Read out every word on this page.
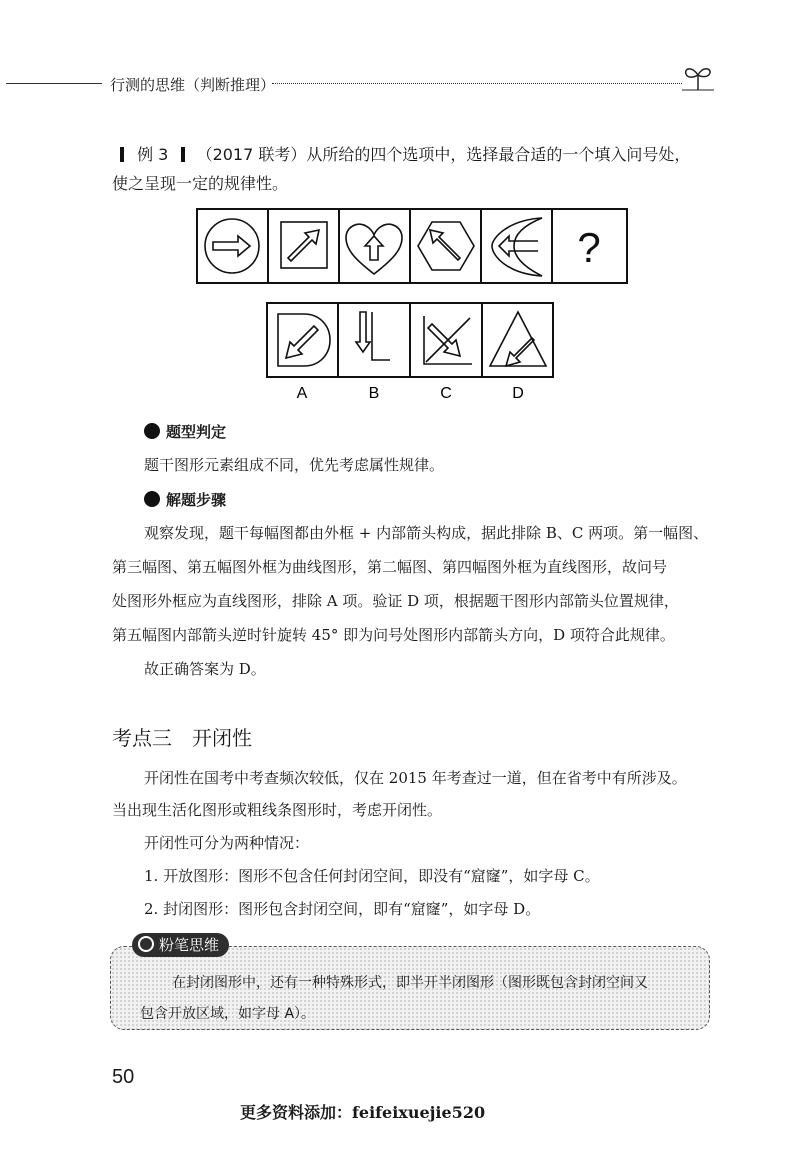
行测的思维（判断推理）
例 3 （2017 联考）从所给的四个选项中，选择最合适的一个填入问号处，
使之呈现一定的规律性。
?
A	B	C	D
题型判定
题干图形元素组成不同，优先考虑属性规律。
解题步骤
观察发现，题干每幅图都由外框 + 内部箭头构成，据此排除 B、C 两项。第一幅图、
第三幅图、第五幅图外框为曲线图形，第二幅图、第四幅图外框为直线图形，故问号
处图形外框应为直线图形，排除 A 项。验证 D 项，根据题干图形内部箭头位置规律，
第五幅图内部箭头逆时针旋转 45° 即为问号处图形内部箭头方向，D 项符合此规律。
故正确答案为 D。
考点三　开闭性
开闭性在国考中考查频次较低，仅在 2015 年考查过一道，但在省考中有所涉及。
当出现生活化图形或粗线条图形时，考虑开闭性。
开闭性可分为两种情况：
1. 开放图形：图形不包含任何封闭空间，即没有“窟窿”，如字母 C。
2. 封闭图形：图形包含封闭空间，即有“窟窿”，如字母 D。
粉笔思维
在封闭图形中，还有一种特殊形式，即半开半闭图形（图形既包含封闭空间又
包含开放区域，如字母 A）。
50
更多资料添加：feifeixuejie520
